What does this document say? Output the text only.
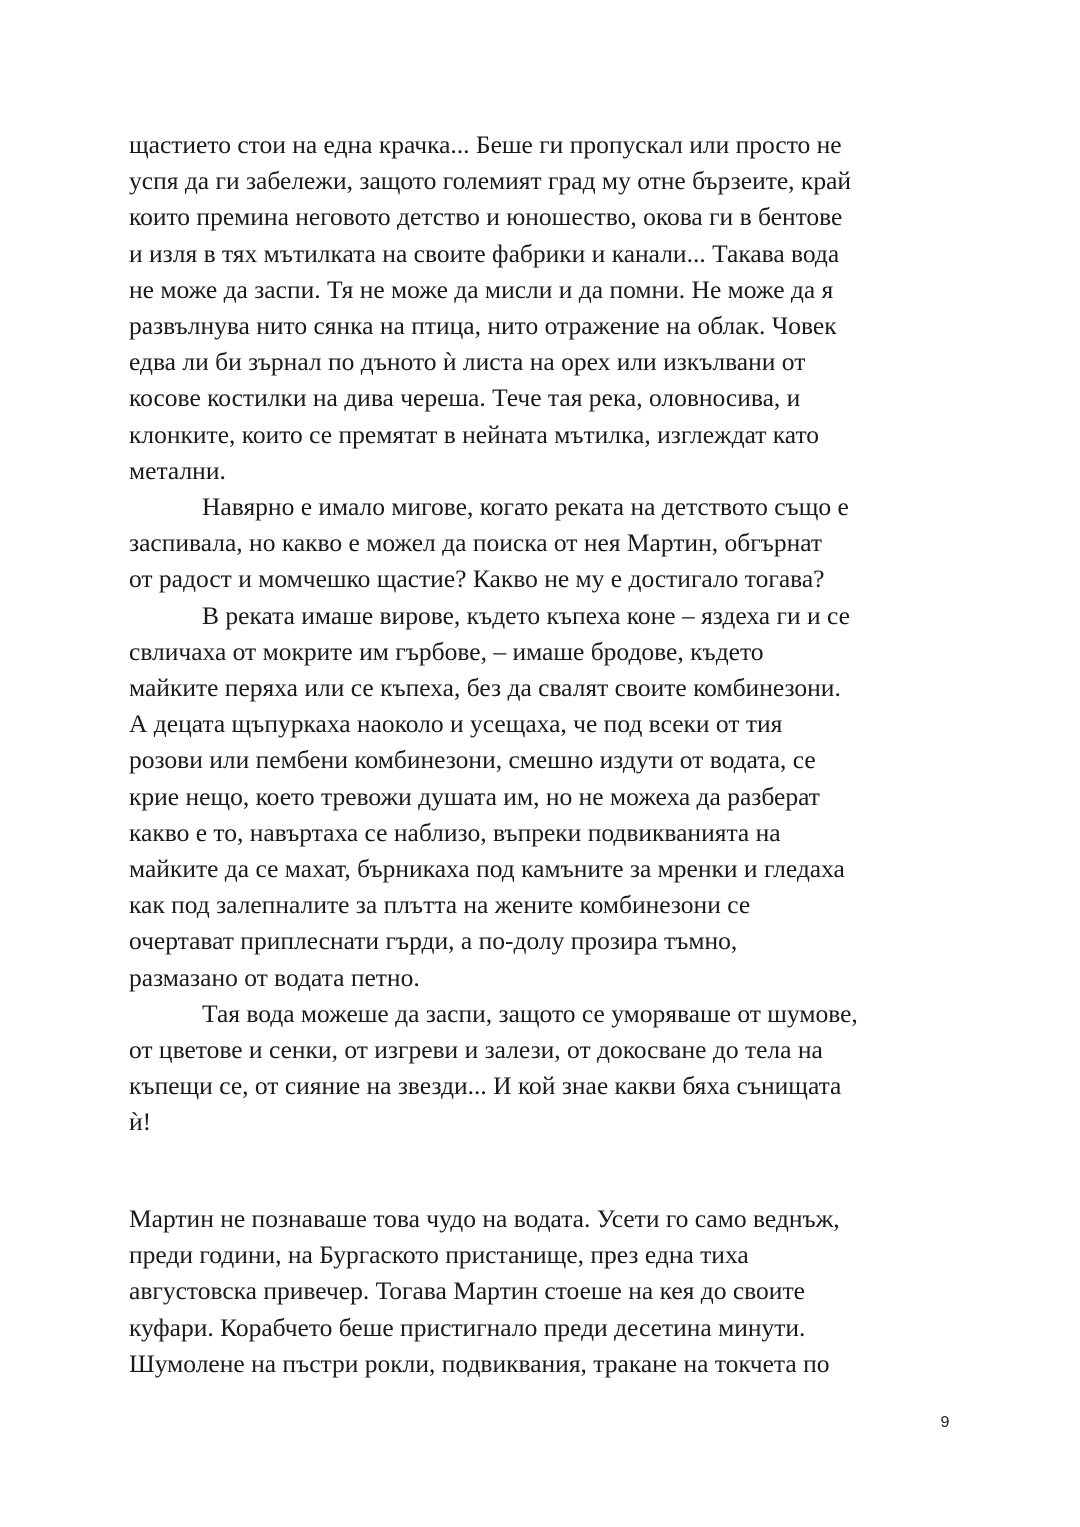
щастието стои на една крачка... Беше ги пропускал или просто не
успя да ги забележи, защото големият град му отне бързеите, край
които премина неговото детство и юношество, окова ги в бентове
и изля в тях мътилката на своите фабрики и канали... Такава вода
не може да заспи. Тя не може да мисли и да помни. Не може да я
развълнува нито сянка на птица, нито отражение на облак. Човек
едва ли би зърнал по дъното ѝ листа на орех или изкълвани от
косове костилки на дива череша. Тече тая река, оловносива, и
клонките, които се премятат в нейната мътилка, изглеждат като
метални.
Навярно е имало мигове, когато реката на детството също е
заспивала, но какво е можел да поиска от нея Мартин, обгърнат
от радост и момчешко щастие? Какво не му е достигало тогава?
В реката имаше вирове, където къпеха коне – яздеха ги и се
свличаха от мокрите им гърбове, – имаше бродове, където
майките перяха или се къпеха, без да свалят своите комбинезони.
А децата щъпуркаха наоколо и усещаха, че под всеки от тия
розови или пембени комбинезони, смешно издути от водата, се
крие нещо, което тревожи душата им, но не можеха да разберат
какво е то, навъртаха се наблизо, въпреки подвикванията на
майките да се махат, бърникаха под камъните за мренки и гледаха
как под залепналите за плътта на жените комбинезони се
очертават приплеснати гърди, а по-долу прозира тъмно,
размазано от водата петно.
Тая вода можеше да заспи, защото се уморяваше от шумове,
от цветове и сенки, от изгреви и залези, от докосване до тела на
къпещи се, от сияние на звезди... И кой знае какви бяха сънищата
ѝ!
Мартин не познаваше това чудо на водата. Усети го само веднъж,
преди години, на Бургаското пристанище, през една тиха
августовска привечер. Тогава Мартин стоеше на кея до своите
куфари. Корабчето беше пристигнало преди десетина минути.
Шумолене на пъстри рокли, подвиквания, тракане на токчета по
9
